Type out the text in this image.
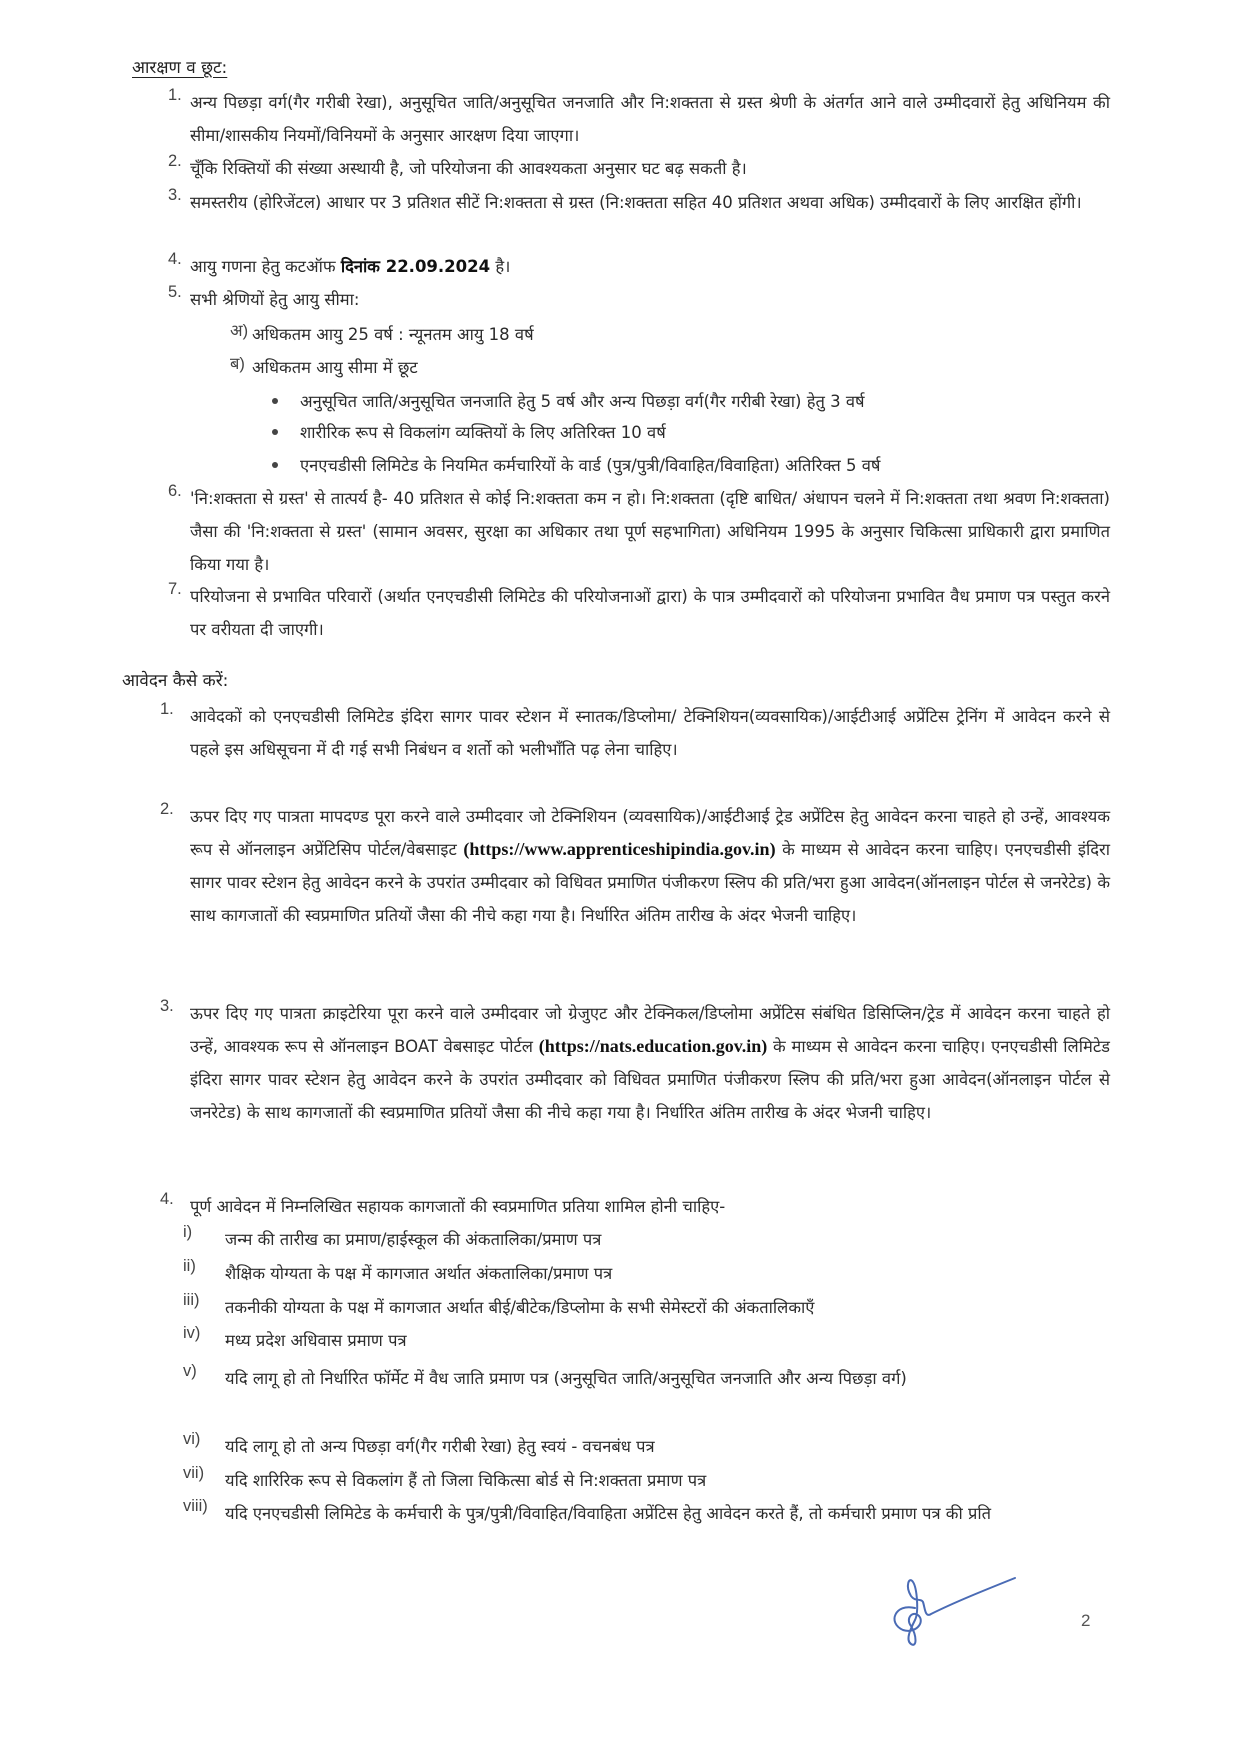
आरक्षण व छूट:
1. अन्य पिछड़ा वर्ग(गैर गरीबी रेखा), अनुसूचित जाति/अनुसूचित जनजाति और नि:शक्तता से ग्रस्त श्रेणी के अंतर्गत आने वाले उम्मीदवारों हेतु अधिनियम की सीमा/शासकीय नियमों/विनियमों के अनुसार आरक्षण दिया जाएगा।
2. चूँकि रिक्तियों की संख्या अस्थायी है, जो परियोजना की आवश्यकता अनुसार घट बढ़ सकती है।
3. समस्तरीय (होरिजेंटल) आधार पर 3 प्रतिशत सीटें नि:शक्तता से ग्रस्त (नि:शक्तता सहित 40 प्रतिशत अथवा अधिक) उम्मीदवारों के लिए आरक्षित होंगी।
4. आयु गणना हेतु कटऑफ दिनांक 22.09.2024 है।
5. सभी श्रेणियों हेतु आयु सीमा:
अ) अधिकतम आयु 25 वर्ष : न्यूनतम आयु 18 वर्ष
ब) अधिकतम आयु सीमा में छूट
अनुसूचित जाति/अनुसूचित जनजाति हेतु 5 वर्ष और अन्य पिछड़ा वर्ग(गैर गरीबी रेखा) हेतु 3 वर्ष
शारीरिक रूप से विकलांग व्यक्तियों के लिए अतिरिक्त 10 वर्ष
एनएचडीसी लिमिटेड के नियमित कर्मचारियों के वार्ड (पुत्र/पुत्री/विवाहित/विवाहिता) अतिरिक्त 5 वर्ष
6. 'नि:शक्तता से ग्रस्त' से तात्पर्य है- 40 प्रतिशत से कोई नि:शक्तता कम न हो। नि:शक्तता (दृष्टि बाधित/ अंधापन चलने में नि:शक्तता तथा श्रवण नि:शक्तता) जैसा की 'नि:शक्तता से ग्रस्त' (सामान अवसर, सुरक्षा का अधिकार तथा पूर्ण सहभागिता) अधिनियम 1995 के अनुसार चिकित्सा प्राधिकारी द्वारा प्रमाणित किया गया है।
7. परियोजना से प्रभावित परिवारों (अर्थात एनएचडीसी लिमिटेड की परियोजनाओं द्वारा) के पात्र उम्मीदवारों को परियोजना प्रभावित वैध प्रमाण पत्र पस्तुत करने पर वरीयता दी जाएगी।
आवेदन कैसे करें:
1. आवेदकों को एनएचडीसी लिमिटेड इंदिरा सागर पावर स्टेशन में स्नातक/डिप्लोमा/ टेक्निशियन(व्यवसायिक)/आईटीआई अप्रेंटिस ट्रेनिंग में आवेदन करने से पहले इस अधिसूचना में दी गई सभी निबंधन व शर्तो को भलीभाँति पढ़ लेना चाहिए।
2. ऊपर दिए गए पात्रता मापदण्ड पूरा करने वाले उम्मीदवार जो टेक्निशियन (व्यवसायिक)/आईटीआई ट्रेड अप्रेंटिस हेतु आवेदन करना चाहते हो उन्हें, आवश्यक रूप से ऑनलाइन अप्रेंटिसिप पोर्टल/वेबसाइट (https://www.apprenticeshipindia.gov.in) के माध्यम से आवेदन करना चाहिए। एनएचडीसी इंदिरा सागर पावर स्टेशन हेतु आवेदन करने के उपरांत उम्मीदवार को विधिवत प्रमाणित पंजीकरण स्लिप की प्रति/भरा हुआ आवेदन(ऑनलाइन पोर्टल से जनरेटेड) के साथ कागजातों की स्वप्रमाणित प्रतियों जैसा की नीचे कहा गया है। निर्धारित अंतिम तारीख के अंदर भेजनी चाहिए।
3. ऊपर दिए गए पात्रता क्राइटेरिया पूरा करने वाले उम्मीदवार जो ग्रेजुएट और टेक्निकल/डिप्लोमा अप्रेंटिस संबंधित डिसिप्लिन/ट्रेड में आवेदन करना चाहते हो उन्हें, आवश्यक रूप से ऑनलाइन BOAT वेबसाइट पोर्टल (https://nats.education.gov.in) के माध्यम से आवेदन करना चाहिए। एनएचडीसी लिमिटेड इंदिरा सागर पावर स्टेशन हेतु आवेदन करने के उपरांत उम्मीदवार को विधिवत प्रमाणित पंजीकरण स्लिप की प्रति/भरा हुआ आवेदन(ऑनलाइन पोर्टल से जनरेटेड) के साथ कागजातों की स्वप्रमाणित प्रतियों जैसा की नीचे कहा गया है। निर्धारित अंतिम तारीख के अंदर भेजनी चाहिए।
4. पूर्ण आवेदन में निम्नलिखित सहायक कागजातों की स्वप्रमाणित प्रतिया शामिल होनी चाहिए-
i) जन्म की तारीख का प्रमाण/हाईस्कूल की अंकतालिका/प्रमाण पत्र
ii) शैक्षिक योग्यता के पक्ष में कागजात अर्थात अंकतालिका/प्रमाण पत्र
iii) तकनीकी योग्यता के पक्ष में कागजात अर्थात बीई/बीटेक/डिप्लोमा के सभी सेमेस्टरों की अंकतालिकाएँ
iv) मध्य प्रदेश अधिवास प्रमाण पत्र
v) यदि लागू हो तो निर्धारित फॉर्मेट में वैध जाति प्रमाण पत्र (अनुसूचित जाति/अनुसूचित जनजाति और अन्य पिछड़ा वर्ग)
vi) यदि लागू हो तो अन्य पिछड़ा वर्ग(गैर गरीबी रेखा) हेतु स्वयं - वचनबंध पत्र
vii) यदि शारिरिक रूप से विकलांग हैं तो जिला चिकित्सा बोर्ड से नि:शक्तता प्रमाण पत्र
viii) यदि एनएचडीसी लिमिटेड के कर्मचारी के पुत्र/पुत्री/विवाहित/विवाहिता अप्रेंटिस हेतु आवेदन करते हैं, तो कर्मचारी प्रमाण पत्र की प्रति
2
